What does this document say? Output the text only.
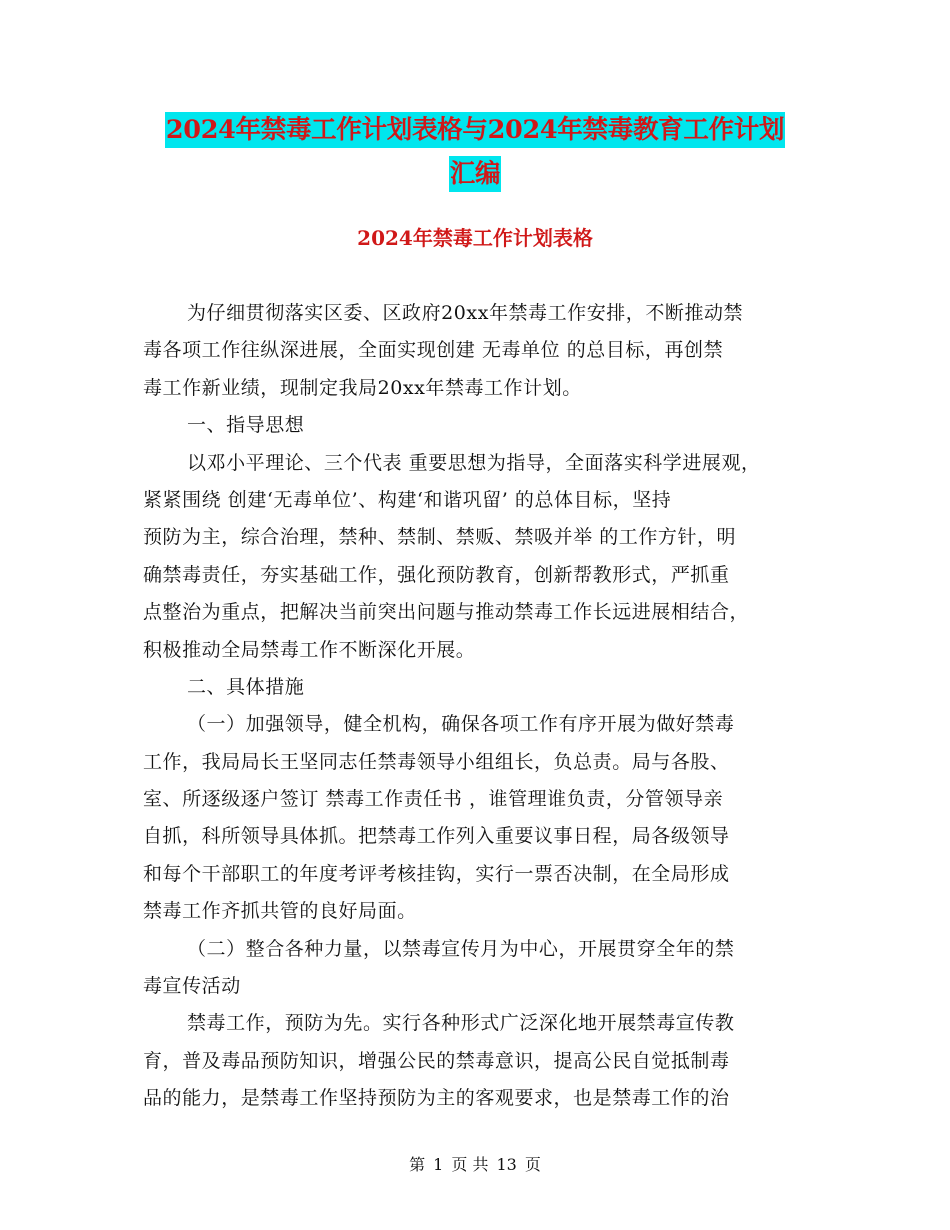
2024年禁毒工作计划表格与2024年禁毒教育工作计划
汇编
2024年禁毒工作计划表格
为仔细贯彻落实区委、区政府20xx年禁毒工作安排，不断推动禁
毒各项工作往纵深进展，全面实现创建 无毒单位 的总目标，再创禁
毒工作新业绩，现制定我局20xx年禁毒工作计划。
一、指导思想
以邓小平理论、三个代表 重要思想为指导，全面落实科学进展观，
紧紧围绕 创建‘无毒单位’、构建‘和谐巩留’ 的总体目标，坚持
预防为主，综合治理，禁种、禁制、禁贩、禁吸并举 的工作方针，明
确禁毒责任，夯实基础工作，强化预防教育，创新帮教形式，严抓重
点整治为重点，把解决当前突出问题与推动禁毒工作长远进展相结合，
积极推动全局禁毒工作不断深化开展。
二、具体措施
（一）加强领导，健全机构，确保各项工作有序开展为做好禁毒
工作，我局局长王坚同志任禁毒领导小组组长，负总责。局与各股、
室、所逐级逐户签订 禁毒工作责任书 ，谁管理谁负责，分管领导亲
自抓，科所领导具体抓。把禁毒工作列入重要议事日程，局各级领导
和每个干部职工的年度考评考核挂钩，实行一票否决制，在全局形成
禁毒工作齐抓共管的良好局面。
（二）整合各种力量，以禁毒宣传月为中心，开展贯穿全年的禁
毒宣传活动
禁毒工作，预防为先。实行各种形式广泛深化地开展禁毒宣传教
育，普及毒品预防知识，增强公民的禁毒意识，提高公民自觉抵制毒
品的能力，是禁毒工作坚持预防为主的客观要求，也是禁毒工作的治
第 1 页 共 13 页
